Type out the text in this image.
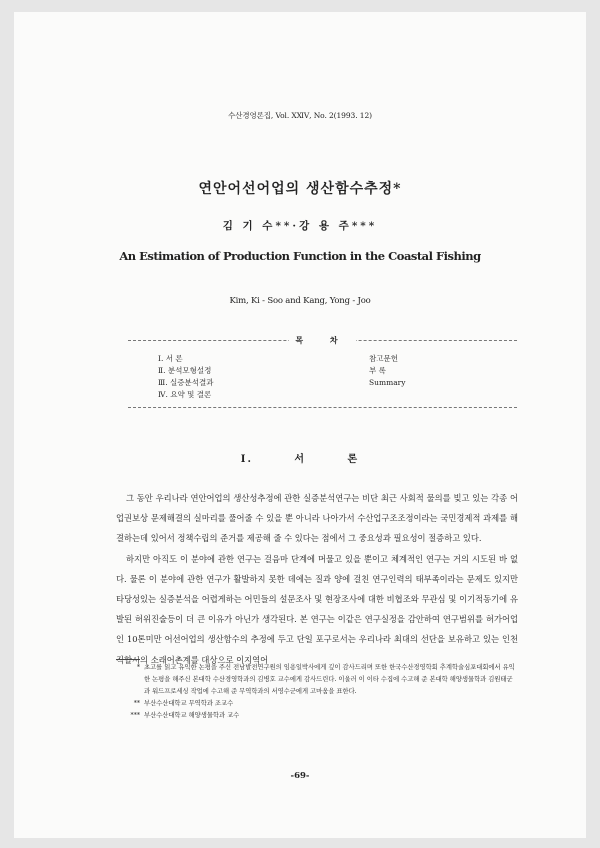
수산경영론집, Vol. ⅩⅪⅤ, No. 2(1993. 12)
연안어선어업의 생산함수추정*
김 기 수**·강 용 주***
An Estimation of Production Function in the Coastal Fishing
Kim, Ki - Soo and Kang, Yong - Joo
목 차
Ⅰ. 서 론
Ⅱ. 분석모형설정
Ⅲ. 실증분석결과
Ⅳ. 요약 및 결론
참고문헌
부 록
Summary
Ⅰ. 서 론

그 동안 우리나라 연안어업의 생산성추정에 관한 실증분석연구는 비단 최근 사회적 물의를 빚고 있는 각종 어업권보상 문제해결의 실마리를 풀어줄 수 있을 뿐 아니라 나아가서 수산업구조조정이라는 국민경제적 과제를 해결하는데 있어서 정책수립의 준거를 제공해 줄 수 있다는 점에서 그 중요성과 필요성이 절증하고 있다.

하지만 아직도 이 분야에 관한 연구는 걸음마 단계에 머물고 있을 뿐이고 체계적인 연구는 거의 시도된 바 없다. 물론 이 분야에 관한 연구가 활발하지 못한 데에는 질과 양에 걸친 연구인력의 태부족이라는 문제도 있지만 타당성있는 실증분석을 어렵게하는 어민들의 설문조사 및 현장조사에 대한 비협조와 무관심 및 이기적동기에 유발된 허위진술등이 더 큰 이유가 아닌가 생각된다. 본 연구는 이같은 연구실정을 감안하여 연구범위를 허가어업인 10톤미만 어선어업의 생산함수의 추정에 두고 단일 포구로서는 우리나라 최대의 선단을 보유하고 있는 인천직할시의 소래어촌계를 대상으로 이지역어

* 초고를 읽고 유익한 논평을 주신 전남발전연구원의 임용일박사에게 깊이 감사드리며 또한 한국수산경영학회 추계학술심포대회에서 유익한 논평을 해주신 본대학 수산경영학과의 김병호 교수에게 감사드린다. 이울러 이 이타 수집에 수고해 준 본대학 해양생물학과 김원태군과 워드프로세싱 작업에 수고해 준 무역학과의 서영수군에게 고마움을 표한다.
** 부산수산대학교 무역학과 조교수
*** 부산수산대학교 해양생물학과 교수
-69-
